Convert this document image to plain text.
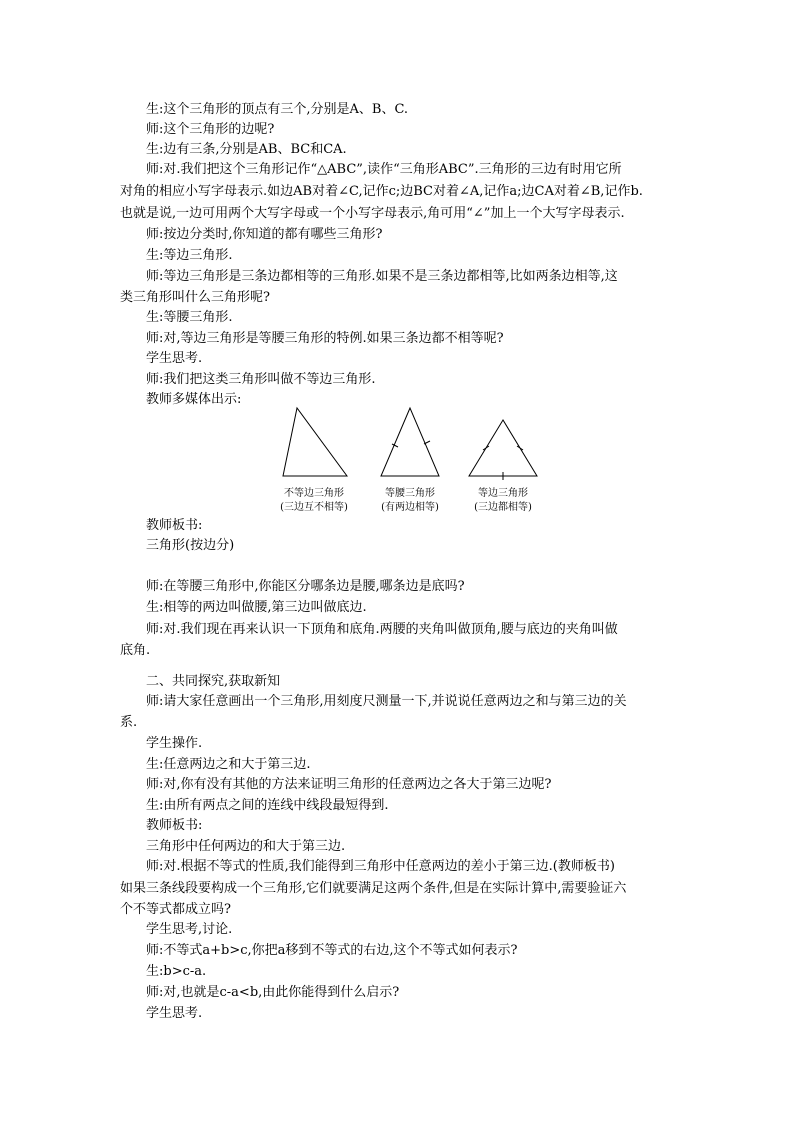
生:这个三角形的顶点有三个,分别是A、B、C.
师:这个三角形的边呢?
生:边有三条,分别是AB、BC和CA.
师:对.我们把这个三角形记作“△ABC”,读作“三角形ABC”.三角形的三边有时用它所
对角的相应小写字母表示.如边AB对着∠C,记作c;边BC对着∠A,记作a;边CA对着∠B,记作b.
也就是说,一边可用两个大写字母或一个小写字母表示,角可用“∠”加上一个大写字母表示.
师:按边分类时,你知道的都有哪些三角形?
生:等边三角形.
师:等边三角形是三条边都相等的三角形.如果不是三条边都相等,比如两条边相等,这
类三角形叫什么三角形呢?
生:等腰三角形.
师:对,等边三角形是等腰三角形的特例.如果三条边都不相等呢?
学生思考.
师:我们把这类三角形叫做不等边三角形.
教师多媒体出示:
不等边三角形
(三边互不相等)
等腰三角形
(有两边相等)
等边三角形
(三边都相等)
教师板书:
三角形(按边分)
师:在等腰三角形中,你能区分哪条边是腰,哪条边是底吗?
生:相等的两边叫做腰,第三边叫做底边.
师:对.我们现在再来认识一下顶角和底角.两腰的夹角叫做顶角,腰与底边的夹角叫做
底角.
二、共同探究,获取新知
师:请大家任意画出一个三角形,用刻度尺测量一下,并说说任意两边之和与第三边的关
系.
学生操作.
生:任意两边之和大于第三边.
师:对,你有没有其他的方法来证明三角形的任意两边之各大于第三边呢?
生:由所有两点之间的连线中线段最短得到.
教师板书:
三角形中任何两边的和大于第三边.
师:对.根据不等式的性质,我们能得到三角形中任意两边的差小于第三边.(教师板书)
如果三条线段要构成一个三角形,它们就要满足这两个条件,但是在实际计算中,需要验证六
个不等式都成立吗?
学生思考,讨论.
师:不等式a+b>c,你把a移到不等式的右边,这个不等式如何表示?
生:b>c-a.
师:对,也就是c-a<b,由此你能得到什么启示?
学生思考.
